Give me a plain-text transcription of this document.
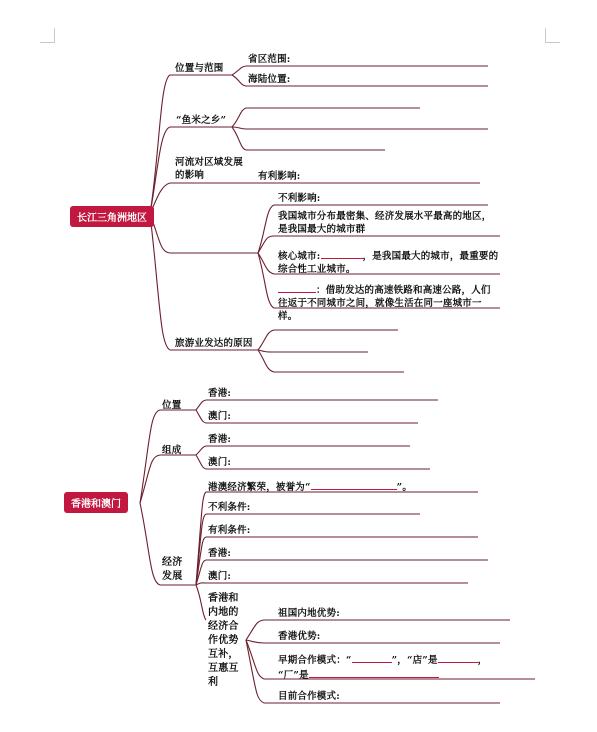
长江三角洲地区
位置与范围
省区范围:
海陆位置:
“鱼米之乡”
河流对区域发展的影响	有利影响:
不利影响:
我国城市分布最密集、经济发展水平最高的地区，是我国最大的城市群
核心城市:	，是我国最大的城市，最重要的综合性工业城市。
：借助发达的高速铁路和高速公路，人们往返于不同城市之间，就像生活在同一座城市一样。
旅游业发达的原因
香港和澳门
位置
香港:
澳门:
组成
香港:
澳门:
经济发展
港澳经济繁荣，被誉为“	”。
不利条件:
有利条件:
香港:
澳门:
香港和内地的经济合作优势互补，互惠互利
祖国内地优势:
香港优势:
早期合作模式：“	”，“店”是	，
“厂”是
目前合作模式:
